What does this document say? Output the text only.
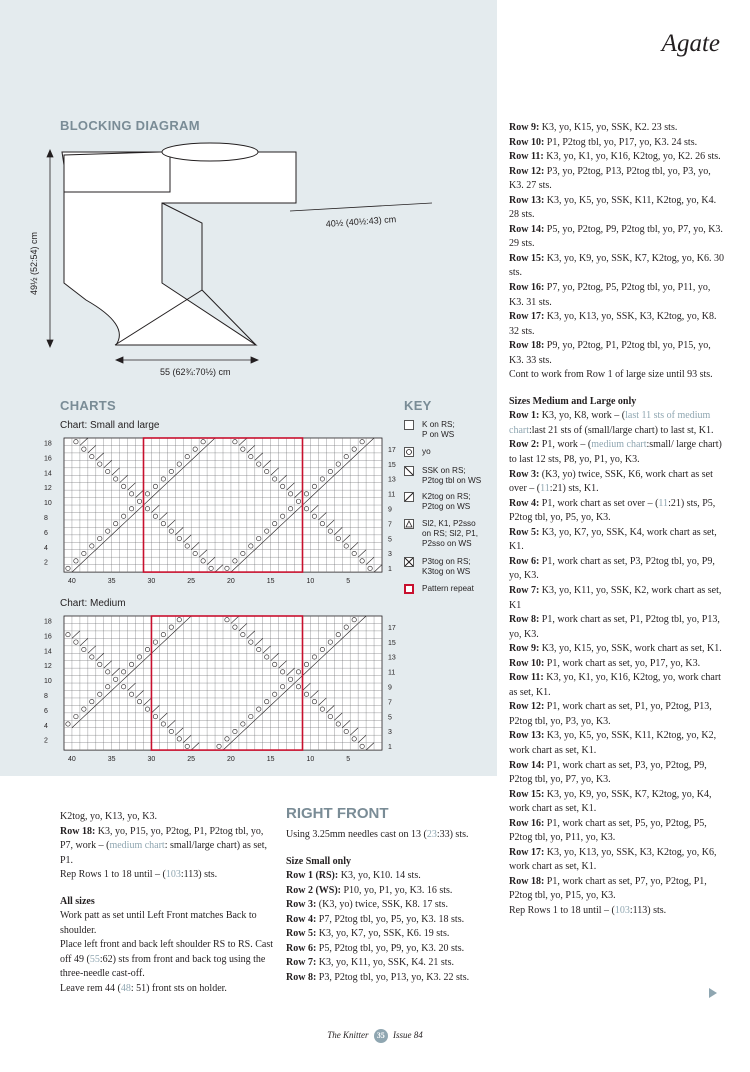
Agate
BLOCKING DIAGRAM
49½ (52:54) cm
55 (62¾:70½) cm
40½ (40½:43) cm
CHARTS
Chart: Small and large
18
16
14
12
10
8
6
4
2
17
15
13
11
9
7
5
3
1
40	35	30	25	20	15	10	5
Chart: Medium
18
16
14
12
10
8
6
4
2
17
15
13
11
9
7
5
3
1
40	35	30	25	20	15	10	5
KEY
K on RS;
P on WS
yo
SSK on RS;
P2tog tbl on WS
K2tog on RS;
P2tog on WS
Sl2, K1, P2sso
on RS; Sl2, P1,
P2sso on WS
P3tog on RS;
K3tog on WS
Pattern repeat

Row 9: K3, yo, K15, yo, SSK, K2. 23 sts.

Row 10: P1, P2tog tbl, yo, P17, yo, K3. 24 sts.

Row 11: K3, yo, K1, yo, K16, K2tog, yo, K2. 26 sts.

Row 12: P3, yo, P2tog, P13, P2tog tbl, yo, P3, yo, K3. 27 sts.

Row 13: K3, yo, K5, yo, SSK, K11, K2tog, yo, K4. 28 sts.

Row 14: P5, yo, P2tog, P9, P2tog tbl, yo, P7, yo, K3. 29 sts.

Row 15: K3, yo, K9, yo, SSK, K7, K2tog, yo, K6. 30 sts.

Row 16: P7, yo, P2tog, P5, P2tog tbl, yo, P11, yo, K3. 31 sts.

Row 17: K3, yo, K13, yo, SSK, K3, K2tog, yo, K8. 32 sts.

Row 18: P9, yo, P2tog, P1, P2tog tbl, yo, P15, yo, K3. 33 sts.

Cont to work from Row 1 of large size until 93 sts.

Sizes Medium and Large only

Row 1: K3, yo, K8, work – (last 11 sts of medium chart:last 21 sts of (small/large chart) to last st, K1.

Row 2: P1, work – (medium chart:small/ large chart) to last 12 sts, P8, yo, P1, yo, K3.

Row 3: (K3, yo) twice, SSK, K6, work chart as set over – (11:21) sts, K1.

Row 4: P1, work chart as set over – (11:21) sts, P5, P2tog tbl, yo, P5, yo, K3.

Row 5: K3, yo, K7, yo, SSK, K4, work chart as set, K1.

Row 6: P1, work chart as set, P3, P2tog tbl, yo, P9, yo, K3.

Row 7: K3, yo, K11, yo, SSK, K2, work chart as set, K1

Row 8: P1, work chart as set, P1, P2tog tbl, yo, P13, yo, K3.

Row 9: K3, yo, K15, yo, SSK, work chart as set, K1.

Row 10: P1, work chart as set, yo, P17, yo, K3.

Row 11: K3, yo, K1, yo, K16, K2tog, yo, work chart as set, K1.

Row 12: P1, work chart as set, P1, yo, P2tog, P13, P2tog tbl, yo, P3, yo, K3.

Row 13: K3, yo, K5, yo, SSK, K11, K2tog, yo, K2, work chart as set, K1.

Row 14: P1, work chart as set, P3, yo, P2tog, P9, P2tog tbl, yo, P7, yo, K3.

Row 15: K3, yo, K9, yo, SSK, K7, K2tog, yo, K4, work chart as set, K1.

Row 16: P1, work chart as set, P5, yo, P2tog, P5, P2tog tbl, yo, P11, yo, K3.

Row 17: K3, yo, K13, yo, SSK, K3, K2tog, yo, K6, work chart as set, K1.

Row 18: P1, work chart as set, P7, yo, P2tog, P1, P2tog tbl, yo, P15, yo, K3.

Rep Rows 1 to 18 until – (103:113) sts.

K2tog, yo, K13, yo, K3.

Row 18: K3, yo, P15, yo, P2tog, P1, P2tog tbl, yo, P7, work – (medium chart: small/large chart) as set, P1.

Rep Rows 1 to 18 until – (103:113) sts.

All sizes

Work patt as set until Left Front matches Back to shoulder.

Place left front and back left shoulder RS to RS. Cast off 49 (55:62) sts from front and back tog using the three-needle cast-off.

Leave rem 44 (48: 51) front sts on holder.

RIGHT FRONT

Using 3.25mm needles cast on 13 (23:33) sts.

Size Small only

Row 1 (RS): K3, yo, K10. 14 sts.

Row 2 (WS): P10, yo, P1, yo, K3. 16 sts.

Row 3: (K3, yo) twice, SSK, K8. 17 sts.

Row 4: P7, P2tog tbl, yo, P5, yo, K3. 18 sts.

Row 5: K3, yo, K7, yo, SSK, K6. 19 sts.

Row 6: P5, P2tog tbl, yo, P9, yo, K3. 20 sts.

Row 7: K3, yo, K11, yo, SSK, K4. 21 sts.

Row 8: P3, P2tog tbl, yo, P13, yo, K3. 22 sts.

The Knitter 35 Issue 84
